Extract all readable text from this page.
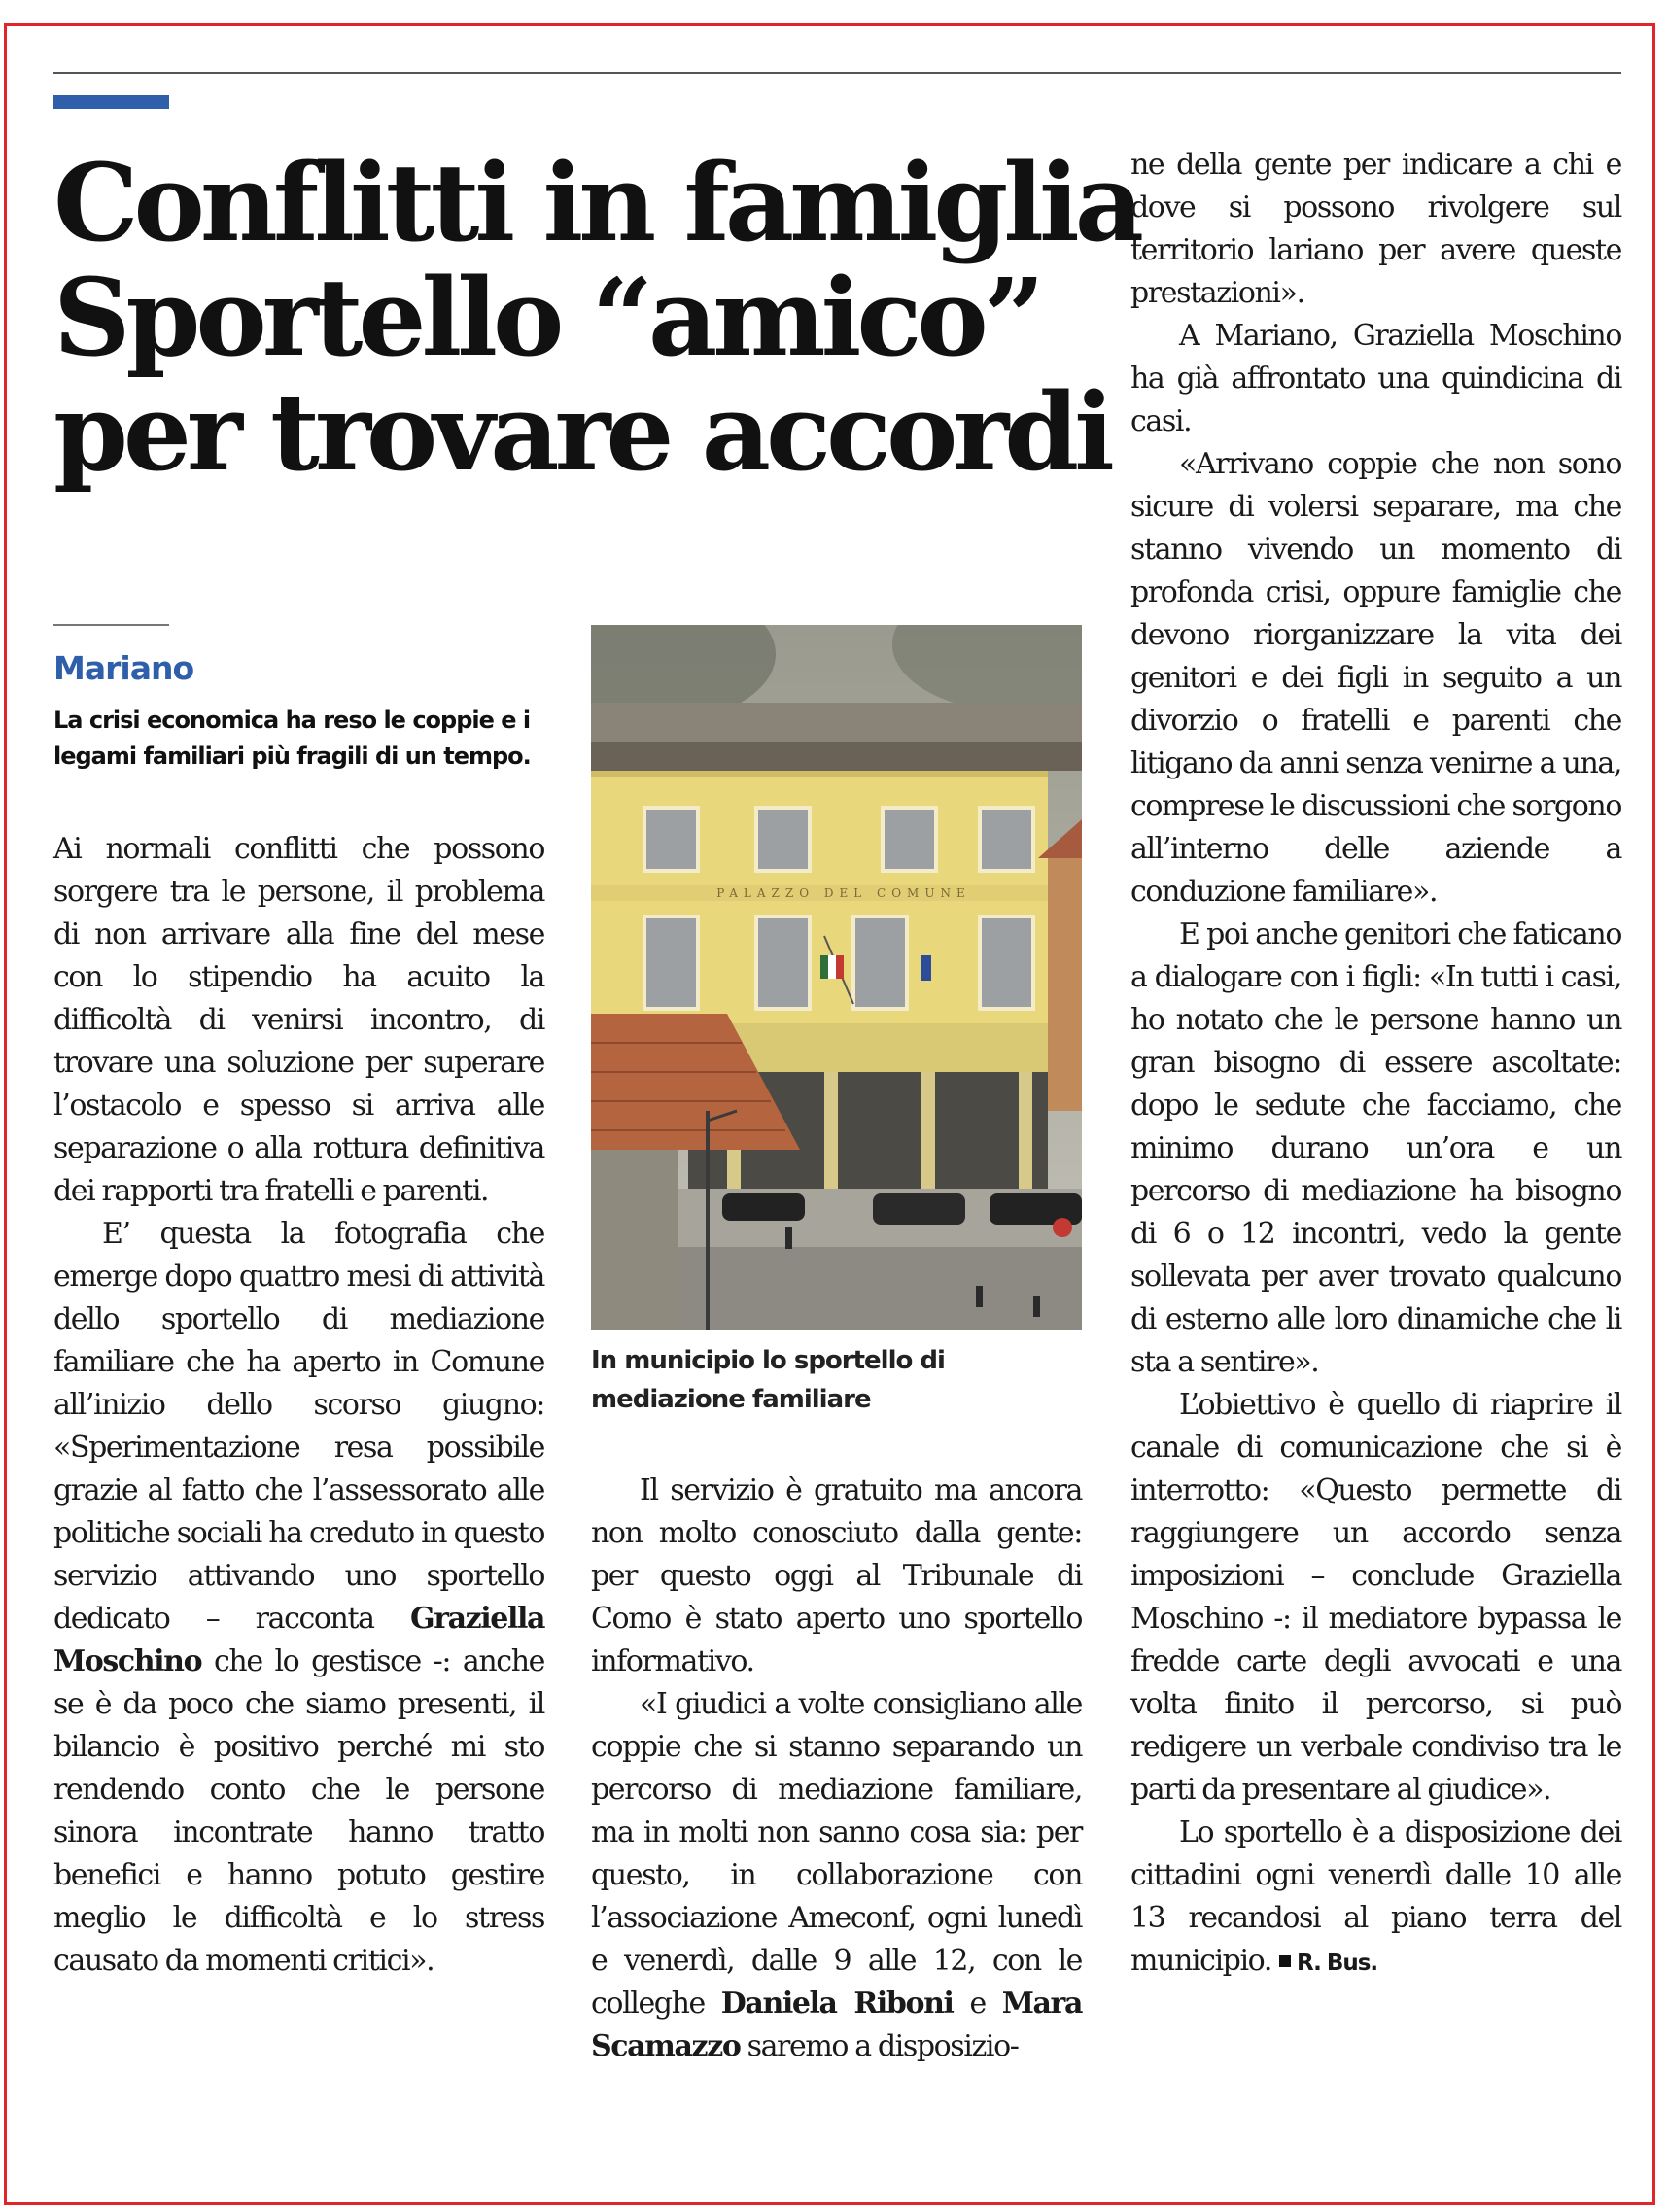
Conflitti in famiglia
Sportello “amico”
per trovare accordi
Mariano

La crisi economica ha reso le coppie e i legami familiari più fragili di un tempo.

Ai normali conflitti che possono sorgere tra le persone, il problema di non arrivare alla fine del mese con lo stipendio ha acuito la difficoltà di venirsi incontro, di trovare una soluzione per superare l’ostacolo e spesso si arriva alle separazione o alla rottura definitiva dei rapporti tra fratelli e parenti.

E’ questa la fotografia che emerge dopo quattro mesi di attività dello sportello di mediazione familiare che ha aperto in Comune all’inizio dello scorso giugno: «Sperimentazione resa possibile grazie al fatto che l’assessorato alle politiche sociali ha creduto in questo servizio attivando uno sportello dedicato – racconta Graziella Moschino che lo gestisce -: anche se è da poco che siamo presenti, il bilancio è positivo perché mi sto rendendo conto che le persone sinora incontrate hanno tratto benefici e hanno potuto gestire meglio le difficoltà e lo stress causato da momenti critici».

PALAZZO DEL COMUNE

In municipio lo sportello di mediazione familiare

Il servizio è gratuito ma ancora non molto conosciuto dalla gente: per questo oggi al Tribunale di Como è stato aperto uno sportello informativo.

«I giudici a volte consigliano alle coppie che si stanno separando un percorso di mediazione familiare, ma in molti non sanno cosa sia: per questo, in collaborazione con l’associazione Ameconf, ogni lunedì e venerdì, dalle 9 alle 12, con le colleghe Daniela Riboni e Mara Scamazzo saremo a disposizio-

ne della gente per indicare a chi e dove si possono rivolgere sul territorio lariano per avere queste prestazioni».

A Mariano, Graziella Moschino ha già affrontato una quindicina di casi.

«Arrivano coppie che non sono sicure di volersi separare, ma che stanno vivendo un momento di profonda crisi, oppure famiglie che devono riorganizzare la vita dei genitori e dei figli in seguito a un divorzio o fratelli e parenti che litigano da anni senza venirne a una, comprese le discussioni che sorgono all’interno delle aziende a conduzione familiare».

E poi anche genitori che faticano a dialogare con i figli: «In tutti i casi, ho notato che le persone hanno un gran bisogno di essere ascoltate: dopo le sedute che facciamo, che minimo durano un’ora e un percorso di mediazione ha bisogno di 6 o 12 incontri, vedo la gente sollevata per aver trovato qualcuno di esterno alle loro dinamiche che li sta a sentire».

L’obiettivo è quello di riaprire il canale di comunicazione che si è interrotto: «Questo permette di raggiungere un accordo senza imposizioni – conclude Graziella Moschino -: il mediatore bypassa le fredde carte degli avvocati e una volta finito il percorso, si può redigere un verbale condiviso tra le parti da presentare al giudice».

Lo sportello è a disposizione dei cittadini ogni venerdì dalle 10 alle 13 recandosi al piano terra del municipio. R. Bus.
